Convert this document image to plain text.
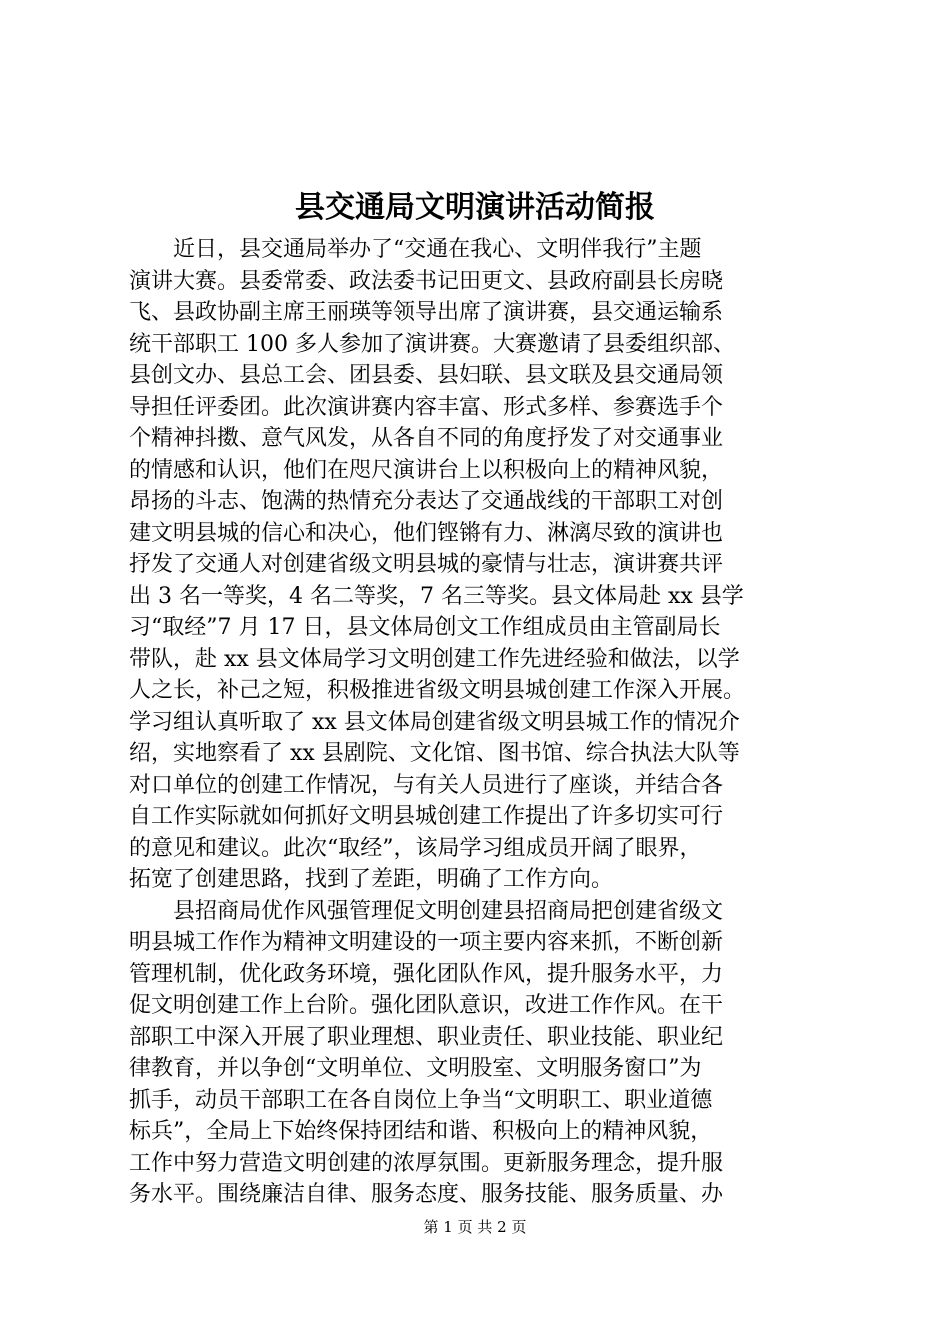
县交通局文明演讲活动简报
　　近日，县交通局举办了“交通在我心、文明伴我行”主题
演讲大赛。县委常委、政法委书记田更文、县政府副县长房晓
飞、县政协副主席王丽瑛等领导出席了演讲赛，县交通运输系
统干部职工 100 多人参加了演讲赛。大赛邀请了县委组织部、
县创文办、县总工会、团县委、县妇联、县文联及县交通局领
导担任评委团。此次演讲赛内容丰富、形式多样、参赛选手个
个精神抖擞、意气风发，从各自不同的角度抒发了对交通事业
的情感和认识，他们在咫尺演讲台上以积极向上的精神风貌，
昂扬的斗志、饱满的热情充分表达了交通战线的干部职工对创
建文明县城的信心和决心，他们铿锵有力、淋漓尽致的演讲也
抒发了交通人对创建省级文明县城的豪情与壮志，演讲赛共评
出 3 名一等奖，4 名二等奖，7 名三等奖。县文体局赴 xx 县学
习“取经”7 月 17 日，县文体局创文工作组成员由主管副局长
带队，赴 xx 县文体局学习文明创建工作先进经验和做法，以学
人之长，补己之短，积极推进省级文明县城创建工作深入开展。
学习组认真听取了 xx 县文体局创建省级文明县城工作的情况介
绍，实地察看了 xx 县剧院、文化馆、图书馆、综合执法大队等
对口单位的创建工作情况，与有关人员进行了座谈，并结合各
自工作实际就如何抓好文明县城创建工作提出了许多切实可行
的意见和建议。此次“取经”，该局学习组成员开阔了眼界，
拓宽了创建思路，找到了差距，明确了工作方向。
　　县招商局优作风强管理促文明创建县招商局把创建省级文
明县城工作作为精神文明建设的一项主要内容来抓，不断创新
管理机制，优化政务环境，强化团队作风，提升服务水平，力
促文明创建工作上台阶。强化团队意识，改进工作作风。在干
部职工中深入开展了职业理想、职业责任、职业技能、职业纪
律教育，并以争创“文明单位、文明股室、文明服务窗口”为
抓手，动员干部职工在各自岗位上争当“文明职工、职业道德
标兵”，全局上下始终保持团结和谐、积极向上的精神风貌，
工作中努力营造文明创建的浓厚氛围。更新服务理念，提升服
务水平。围绕廉洁自律、服务态度、服务技能、服务质量、办
第 1 页 共 2 页
